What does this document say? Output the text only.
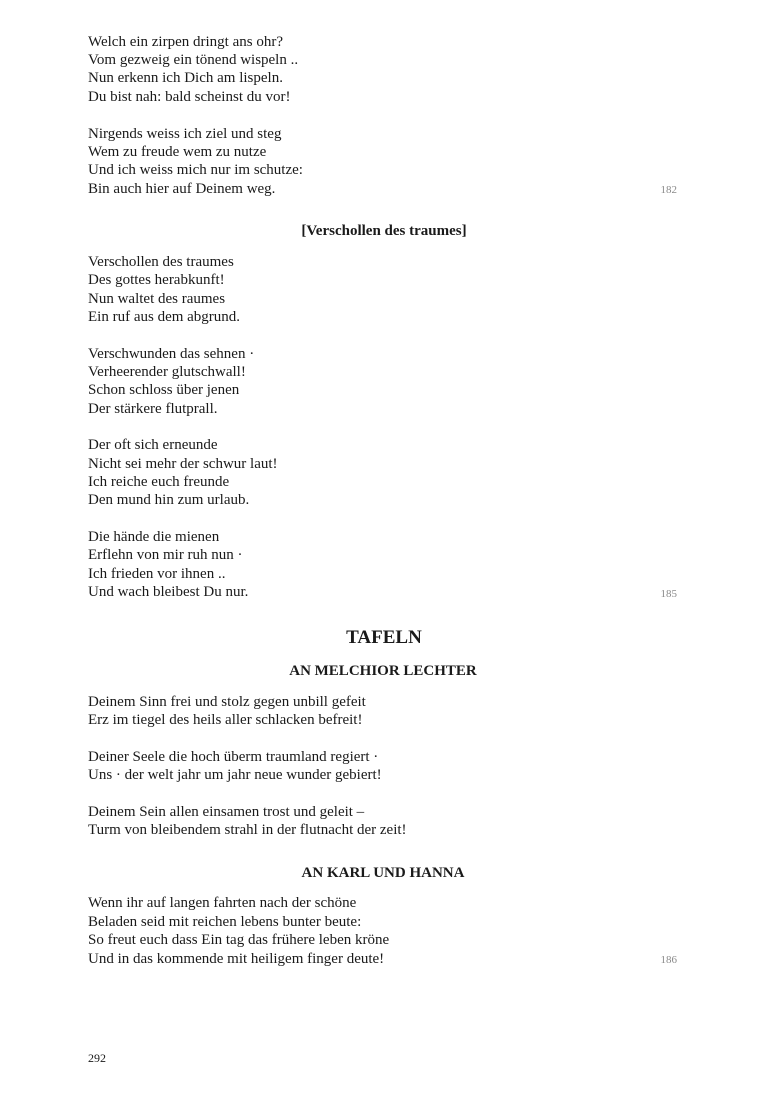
Welch ein zirpen dringt ans ohr?
Vom gezweig ein tönend wispeln ..
Nun erkenn ich Dich am lispeln.
Du bist nah: bald scheinst du vor!
Nirgends weiss ich ziel und steg
Wem zu freude wem zu nutze
Und ich weiss mich nur im schutze:
Bin auch hier auf Deinem weg.	182
[Verschollen des traumes]
Verschollen des traumes
Des gottes herabkunft!
Nun waltet des raumes
Ein ruf aus dem abgrund.
Verschwunden das sehnen ·
Verheerender glutschwall!
Schon schloss über jenen
Der stärkere flutprall.
Der oft sich erneunde
Nicht sei mehr der schwur laut!
Ich reiche euch freunde
Den mund hin zum urlaub.
Die hände die mienen
Erflehn von mir ruh nun ·
Ich frieden vor ihnen ..
Und wach bleibest Du nur.	185
TAFELN
AN MELCHIOR LECHTER
Deinem Sinn frei und stolz gegen unbill gefeit
Erz im tiegel des heils aller schlacken befreit!
Deiner Seele die hoch überm traumland regiert ·
Uns · der welt jahr um jahr neue wunder gebiert!
Deinem Sein allen einsamen trost und geleit –
Turm von bleibendem strahl in der flutnacht der zeit!
AN KARL UND HANNA
Wenn ihr auf langen fahrten nach der schöne
Beladen seid mit reichen lebens bunter beute:
So freut euch dass Ein tag das frühere leben kröne
Und in das kommende mit heiligem finger deute!	186
292
